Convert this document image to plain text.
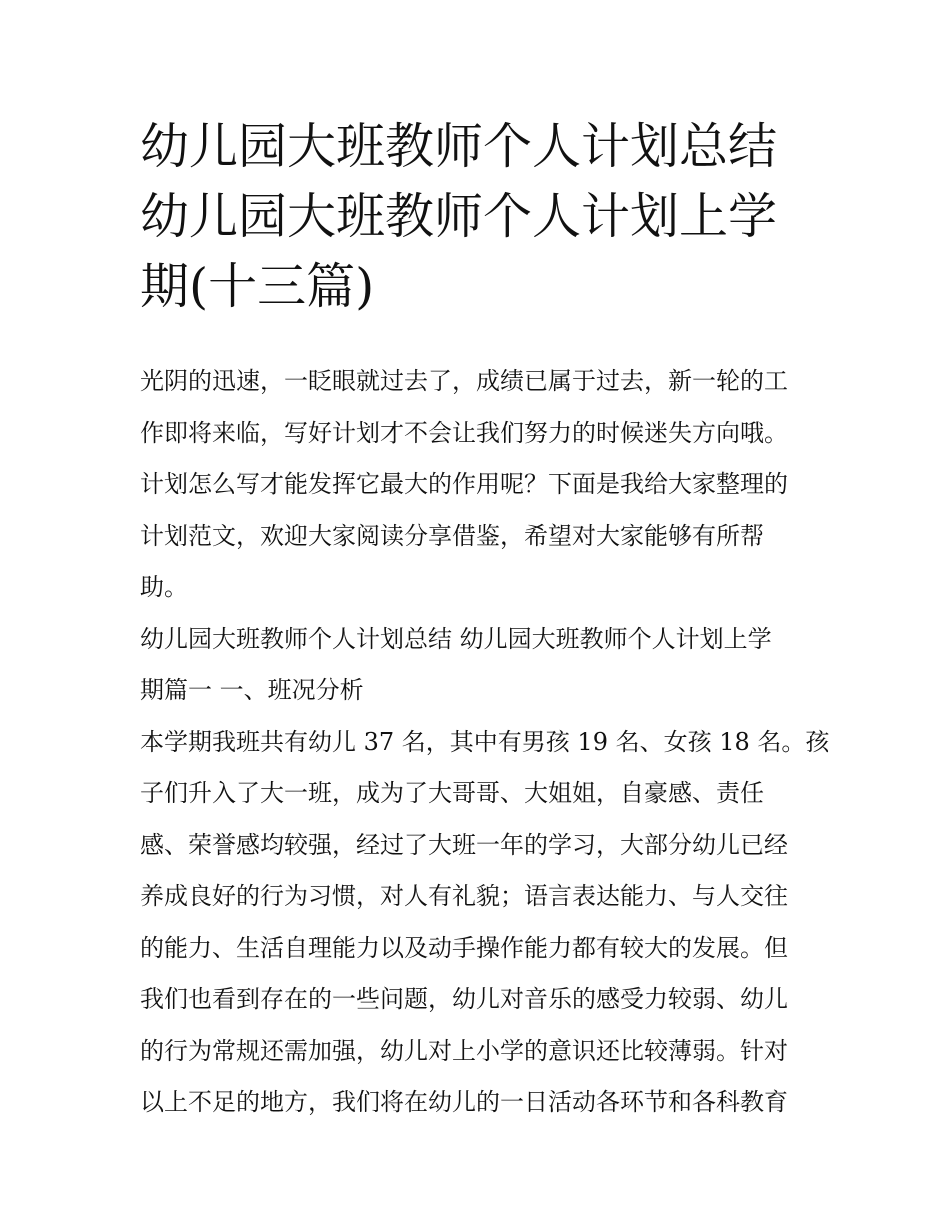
幼儿园大班教师个人计划总结
幼儿园大班教师个人计划上学
期(十三篇)
光阴的迅速，一眨眼就过去了，成绩已属于过去，新一轮的工
作即将来临，写好计划才不会让我们努力的时候迷失方向哦。
计划怎么写才能发挥它最大的作用呢？下面是我给大家整理的
计划范文，欢迎大家阅读分享借鉴，希望对大家能够有所帮
助。
幼儿园大班教师个人计划总结 幼儿园大班教师个人计划上学
期篇一 一、班况分析
本学期我班共有幼儿 37 名，其中有男孩 19 名、女孩 18 名。孩
子们升入了大一班，成为了大哥哥、大姐姐，自豪感、责任
感、荣誉感均较强，经过了大班一年的学习，大部分幼儿已经
养成良好的行为习惯，对人有礼貌；语言表达能力、与人交往
的能力、生活自理能力以及动手操作能力都有较大的发展。但
我们也看到存在的一些问题，幼儿对音乐的感受力较弱、幼儿
的行为常规还需加强，幼儿对上小学的意识还比较薄弱。针对
以上不足的地方，我们将在幼儿的一日活动各环节和各科教育
